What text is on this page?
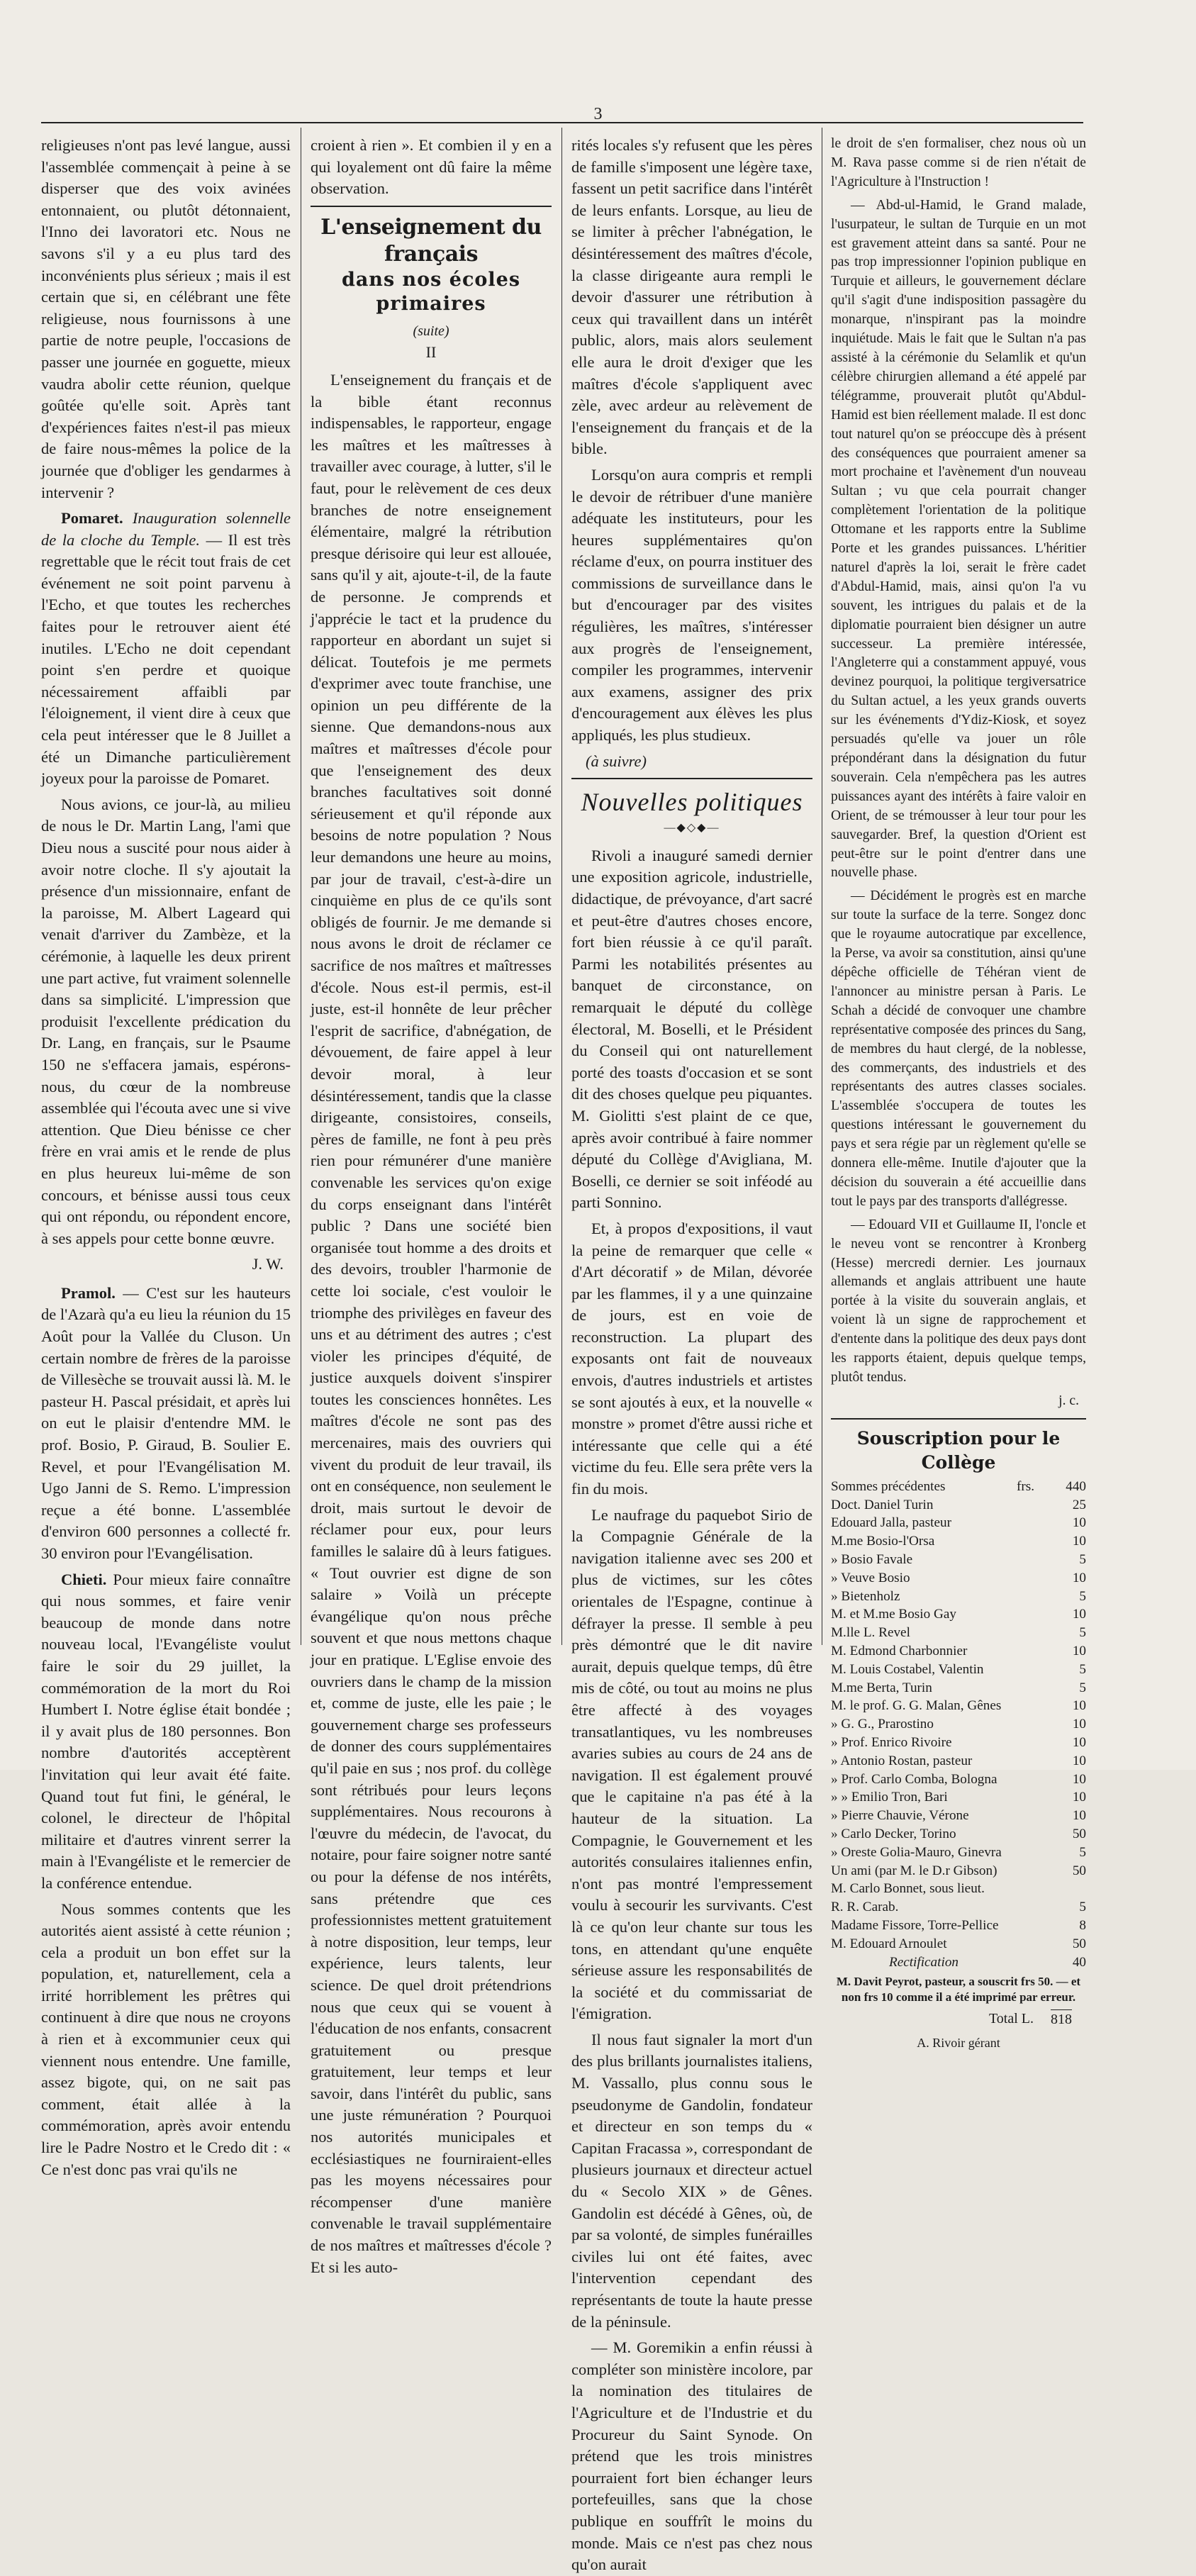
3

religieuses n'ont pas levé langue, aussi l'assemblée commençait à peine à se disperser que des voix avinées entonnaient, ou plutôt détonnaient, l'Inno dei lavoratori etc. Nous ne savons s'il y a eu plus tard des inconvénients plus sérieux ; mais il est certain que si, en célébrant une fête religieuse, nous fournissons à une partie de notre peuple, l'occasions de passer une journée en goguette, mieux vaudra abolir cette réunion, quelque goûtée qu'elle soit. Après tant d'expériences faites n'est-il pas mieux de faire nous-mêmes la police de la journée que d'obliger les gendarmes à intervenir ?

Pomaret. Inauguration solennelle de la cloche du Temple. — Il est très regrettable que le récit tout frais de cet événement ne soit point parvenu à l'Echo, et que toutes les recherches faites pour le retrouver aient été inutiles. L'Echo ne doit cependant point s'en perdre et quoique nécessairement affaibli par l'éloignement, il vient dire à ceux que cela peut intéresser que le 8 Juillet a été un Dimanche particulièrement joyeux pour la paroisse de Pomaret.

Nous avions, ce jour-là, au milieu de nous le Dr. Martin Lang, l'ami que Dieu nous a suscité pour nous aider à avoir notre cloche. Il s'y ajoutait la présence d'un missionnaire, enfant de la paroisse, M. Albert Lageard qui venait d'arriver du Zambèze, et la cérémonie, à laquelle les deux prirent une part active, fut vraiment solennelle dans sa simplicité. L'impression que produisit l'excellente prédication du Dr. Lang, en français, sur le Psaume 150 ne s'effacera jamais, espérons-nous, du cœur de la nombreuse assemblée qui l'écouta avec une si vive attention. Que Dieu bénisse ce cher frère en vrai amis et le rende de plus en plus heureux lui-même de son concours, et bénisse aussi tous ceux qui ont répondu, ou répondent encore, à ses appels pour cette bonne œuvre.

J. W.

Pramol. — C'est sur les hauteurs de l'Azarà qu'a eu lieu la réunion du 15 Août pour la Vallée du Cluson. Un certain nombre de frères de la paroisse de Villesèche se trouvait aussi là. M. le pasteur H. Pascal présidait, et après lui on eut le plaisir d'entendre MM. le prof. Bosio, P. Giraud, B. Soulier E. Revel, et pour l'Evangélisation M. Ugo Janni de S. Remo. L'impression reçue a été bonne. L'assemblée d'environ 600 personnes a collecté fr. 30 environ pour l'Evangélisation.

Chieti. Pour mieux faire connaître qui nous sommes, et faire venir beaucoup de monde dans notre nouveau local, l'Evangéliste voulut faire le soir du 29 juillet, la commémoration de la mort du Roi Humbert I. Notre église était bondée ; il y avait plus de 180 personnes. Bon nombre d'autorités acceptèrent l'invitation qui leur avait été faite. Quand tout fut fini, le général, le colonel, le directeur de l'hôpital militaire et d'autres vinrent serrer la main à l'Evangéliste et le remercier de la conférence entendue.

Nous sommes contents que les autorités aient assisté à cette réunion ; cela a produit un bon effet sur la population, et, naturellement, cela a irrité horriblement les prêtres qui continuent à dire que nous ne croyons à rien et à excommunier ceux qui viennent nous entendre. Une famille, assez bigote, qui, on ne sait pas comment, était allée à la commémoration, après avoir entendu lire le Padre Nostro et le Credo dit : « Ce n'est donc pas vrai qu'ils ne

croient à rien ». Et combien il y en a qui loyalement ont dû faire la même observation.

L'enseignement du français
dans nos écoles primaires
(suite)
II

L'enseignement du français et de la bible étant reconnus indispensables, le rapporteur, engage les maîtres et les maîtresses à travailler avec courage, à lutter, s'il le faut, pour le relèvement de ces deux branches de notre enseignement élémentaire, malgré la rétribution presque dérisoire qui leur est allouée, sans qu'il y ait, ajoute-t-il, de la faute de personne. Je comprends et j'apprécie le tact et la prudence du rapporteur en abordant un sujet si délicat. Toutefois je me permets d'exprimer avec toute franchise, une opinion un peu différente de la sienne. Que demandons-nous aux maîtres et maîtresses d'école pour que l'enseignement des deux branches facultatives soit donné sérieusement et qu'il réponde aux besoins de notre population ? Nous leur demandons une heure au moins, par jour de travail, c'est-à-dire un cinquième en plus de ce qu'ils sont obligés de fournir. Je me demande si nous avons le droit de réclamer ce sacrifice de nos maîtres et maîtresses d'école. Nous est-il permis, est-il juste, est-il honnête de leur prêcher l'esprit de sacrifice, d'abnégation, de dévouement, de faire appel à leur devoir moral, à leur désintéressement, tandis que la classe dirigeante, consistoires, conseils, pères de famille, ne font à peu près rien pour rémunérer d'une manière convenable les services qu'on exige du corps enseignant dans l'intérêt public ? Dans une société bien organisée tout homme a des droits et des devoirs, troubler l'harmonie de cette loi sociale, c'est vouloir le triomphe des privilèges en faveur des uns et au détriment des autres ; c'est violer les principes d'équité, de justice auxquels doivent s'inspirer toutes les consciences honnêtes. Les maîtres d'école ne sont pas des mercenaires, mais des ouvriers qui vivent du produit de leur travail, ils ont en conséquence, non seulement le droit, mais surtout le devoir de réclamer pour eux, pour leurs familles le salaire dû à leurs fatigues. « Tout ouvrier est digne de son salaire » Voilà un précepte évangélique qu'on nous prêche souvent et que nous mettons chaque jour en pratique. L'Eglise envoie des ouvriers dans le champ de la mission et, comme de juste, elle les paie ; le gouvernement charge ses professeurs de donner des cours supplémentaires qu'il paie en sus ; nos prof. du collège sont rétribués pour leurs leçons supplémentaires. Nous recourons à l'œuvre du médecin, de l'avocat, du notaire, pour faire soigner notre santé ou pour la défense de nos intérêts, sans prétendre que ces professionnistes mettent gratuitement à notre disposition, leur temps, leur expérience, leurs talents, leur science. De quel droit prétendrions nous que ceux qui se vouent à l'éducation de nos enfants, consacrent gratuitement ou presque gratuitement, leur temps et leur savoir, dans l'intérêt du public, sans une juste rémunération ? Pourquoi nos autorités municipales et ecclésiastiques ne fourniraient-elles pas les moyens nécessaires pour récompenser d'une manière convenable le travail supplémentaire de nos maîtres et maîtresses d'école ? Et si les auto-

rités locales s'y refusent que les pères de famille s'imposent une légère taxe, fassent un petit sacrifice dans l'intérêt de leurs enfants. Lorsque, au lieu de se limiter à prêcher l'abnégation, le désintéressement des maîtres d'école, la classe dirigeante aura rempli le devoir d'assurer une rétribution à ceux qui travaillent dans un intérêt public, alors, mais alors seulement elle aura le droit d'exiger que les maîtres d'école s'appliquent avec zèle, avec ardeur au relèvement de l'enseignement du français et de la bible.

Lorsqu'on aura compris et rempli le devoir de rétribuer d'une manière adéquate les instituteurs, pour les heures supplémentaires qu'on réclame d'eux, on pourra instituer des commissions de surveillance dans le but d'encourager par des visites régulières, les maîtres, s'intéresser aux progrès de l'enseignement, compiler les programmes, intervenir aux examens, assigner des prix d'encouragement aux élèves les plus appliqués, les plus studieux.

(à suivre)

Nouvelles politiques
—◆◇◆—

Rivoli a inauguré samedi dernier une exposition agricole, industrielle, didactique, de prévoyance, d'art sacré et peut-être d'autres choses encore, fort bien réussie à ce qu'il paraît. Parmi les notabilités présentes au banquet de circonstance, on remarquait le député du collège électoral, M. Boselli, et le Président du Conseil qui ont naturellement porté des toasts d'occasion et se sont dit des choses quelque peu piquantes. M. Giolitti s'est plaint de ce que, après avoir contribué à faire nommer député du Collège d'Avigliana, M. Boselli, ce dernier se soit inféodé au parti Sonnino.

Et, à propos d'expositions, il vaut la peine de remarquer que celle « d'Art décoratif » de Milan, dévorée par les flammes, il y a une quinzaine de jours, est en voie de reconstruction. La plupart des exposants ont fait de nouveaux envois, d'autres industriels et artistes se sont ajoutés à eux, et la nouvelle « monstre » promet d'être aussi riche et intéressante que celle qui a été victime du feu. Elle sera prête vers la fin du mois.

Le naufrage du paquebot Sirio de la Compagnie Générale de la navigation italienne avec ses 200 et plus de victimes, sur les côtes orientales de l'Espagne, continue à défrayer la presse. Il semble à peu près démontré que le dit navire aurait, depuis quelque temps, dû être mis de côté, ou tout au moins ne plus être affecté à des voyages transatlantiques, vu les nombreuses avaries subies au cours de 24 ans de navigation. Il est également prouvé que le capitaine n'a pas été à la hauteur de la situation. La Compagnie, le Gouvernement et les autorités consulaires italiennes enfin, n'ont pas montré l'empressement voulu à secourir les survivants. C'est là ce qu'on leur chante sur tous les tons, en attendant qu'une enquête sérieuse assure les responsabilités de la société et du commissariat de l'émigration.

Il nous faut signaler la mort d'un des plus brillants journalistes italiens, M. Vassallo, plus connu sous le pseudonyme de Gandolin, fondateur et directeur en son temps du « Capitan Fracassa », correspondant de plusieurs journaux et directeur actuel du « Secolo XIX » de Gênes. Gandolin est décédé à Gênes, où, de par sa volonté, de simples funérailles civiles lui ont été faites, avec l'intervention cependant des représentants de toute la haute presse de la péninsule.

— M. Goremikin a enfin réussi à compléter son ministère incolore, par la nomination des titulaires de l'Agriculture et de l'Industrie et du Procureur du Saint Synode. On prétend que les trois ministres pourraient fort bien échanger leurs portefeuilles, sans que la chose publique en souffrît le moins du monde. Mais ce n'est pas chez nous qu'on aurait

le droit de s'en formaliser, chez nous où un M. Rava passe comme si de rien n'était de l'Agriculture à l'Instruction !

— Abd-ul-Hamid, le Grand malade, l'usurpateur, le sultan de Turquie en un mot est gravement atteint dans sa santé. Pour ne pas trop impressionner l'opinion publique en Turquie et ailleurs, le gouvernement déclare qu'il s'agit d'une indisposition passagère du monarque, n'inspirant pas la moindre inquiétude. Mais le fait que le Sultan n'a pas assisté à la cérémonie du Selamlik et qu'un célèbre chirurgien allemand a été appelé par télégramme, prouverait plutôt qu'Abdul-Hamid est bien réellement malade. Il est donc tout naturel qu'on se préoccupe dès à présent des conséquences que pourraient amener sa mort prochaine et l'avènement d'un nouveau Sultan ; vu que cela pourrait changer complètement l'orientation de la politique Ottomane et les rapports entre la Sublime Porte et les grandes puissances. L'héritier naturel d'après la loi, serait le frère cadet d'Abdul-Hamid, mais, ainsi qu'on l'a vu souvent, les intrigues du palais et de la diplomatie pourraient bien désigner un autre successeur. La première intéressée, l'Angleterre qui a constamment appuyé, vous devinez pourquoi, la politique tergiversatrice du Sultan actuel, a les yeux grands ouverts sur les événements d'Ydiz-Kiosk, et soyez persuadés qu'elle va jouer un rôle prépondérant dans la désignation du futur souverain. Cela n'empêchera pas les autres puissances ayant des intérêts à faire valoir en Orient, de se trémousser à leur tour pour les sauvegarder. Bref, la question d'Orient est peut-être sur le point d'entrer dans une nouvelle phase.

— Décidément le progrès est en marche sur toute la surface de la terre. Songez donc que le royaume autocratique par excellence, la Perse, va avoir sa constitution, ainsi qu'une dépêche officielle de Téhéran vient de l'annoncer au ministre persan à Paris. Le Schah a décidé de convoquer une chambre représentative composée des princes du Sang, de membres du haut clergé, de la noblesse, des commerçants, des industriels et des représentants des autres classes sociales. L'assemblée s'occupera de toutes les questions intéressant le gouvernement du pays et sera régie par un règlement qu'elle se donnera elle-même. Inutile d'ajouter que la décision du souverain a été accueillie dans tout le pays par des transports d'allégresse.

— Edouard VII et Guillaume II, l'oncle et le neveu vont se rencontrer à Kronberg (Hesse) mercredi dernier. Les journaux allemands et anglais attribuent une haute portée à la visite du souverain anglais, et voient là un signe de rapprochement et d'entente dans la politique des deux pays dont les rapports étaient, depuis quelque temps, plutôt tendus.

j. c.

Souscription pour le Collège
Sommes précédentes	frs.	440
Doct. Daniel Turin		25
Edouard Jalla, pasteur		10
M.me Bosio-l'Orsa		10
» Bosio Favale		5
» Veuve Bosio		10
» Bietenholz		5
M. et M.me Bosio Gay		10
M.lle L. Revel		5
M. Edmond Charbonnier		10
M. Louis Costabel, Valentin		5
M.me Berta, Turin		5
M. le prof. G. G. Malan, Gênes		10
» G. G., Prarostino		10
» Prof. Enrico Rivoire		10
» Antonio Rostan, pasteur		10
» Prof. Carlo Comba, Bologna		10
» » Emilio Tron, Bari		10
» Pierre Chauvie, Vérone		10
» Carlo Decker, Torino		50
» Oreste Golia-Mauro, Ginevra		5
Un ami (par M. le D.r Gibson)		50
M. Carlo Bonnet, sous lieut.		
R. R. Carab.		5
Madame Fissore, Torre-Pellice		8
M. Edouard Arnoulet		50
Rectification		40

M. Davit Peyrot, pasteur, a souscrit frs 50. — et non frs 10 comme il a été imprimé par erreur.

Total L. 818

A. Rivoir gérant
